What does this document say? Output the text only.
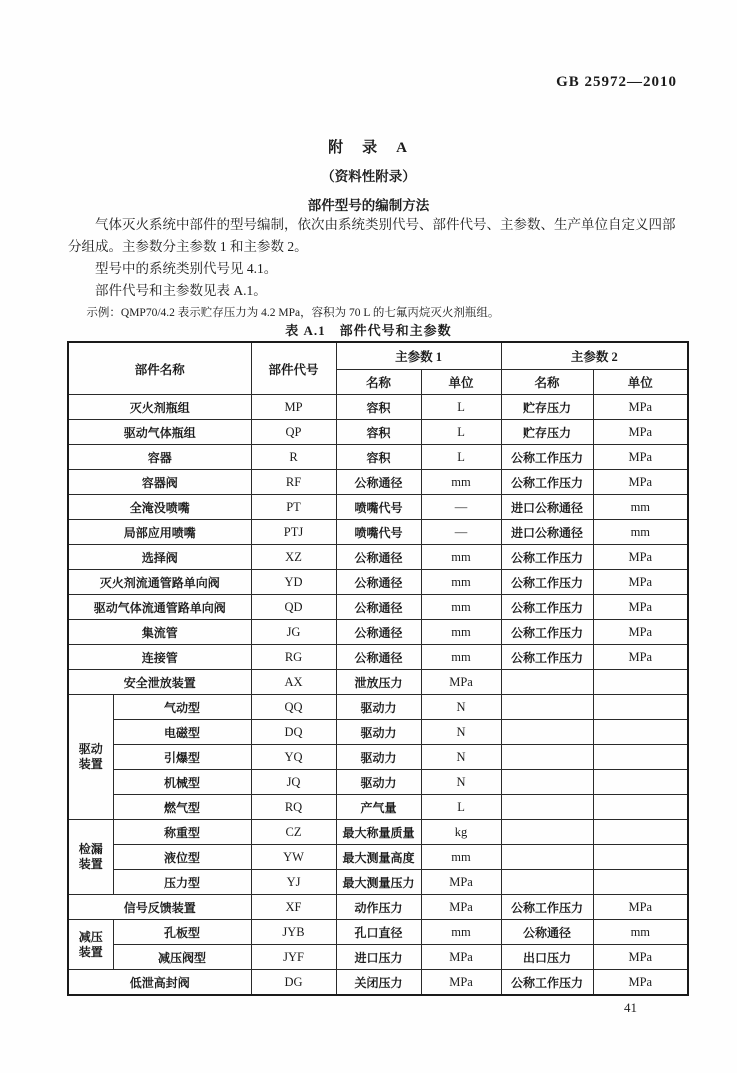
GB 25972—2010

附　录　A

（资料性附录）

部件型号的编制方法

气体灭火系统中部件的型号编制，依次由系统类别代号、部件代号、主参数、生产单位自定义四部分组成。主参数分主参数 1 和主参数 2。

型号中的系统类别代号见 4.1。

部件代号和主参数见表 A.1。

示例：QMP70/4.2 表示贮存压力为 4.2 MPa，容积为 70 L 的七氟丙烷灭火剂瓶组。
表 A.1　部件代号和主参数
部件名称		部件代号	主参数 1		主参数 2	
			名称	单位	名称	单位
灭火剂瓶组		MP	容积	L	贮存压力	MPa
驱动气体瓶组		QP	容积	L	贮存压力	MPa
容器		R	容积	L	公称工作压力	MPa
容器阀		RF	公称通径	mm	公称工作压力	MPa
全淹没喷嘴		PT	喷嘴代号	—	进口公称通径	mm
局部应用喷嘴		PTJ	喷嘴代号	—	进口公称通径	mm
选择阀		XZ	公称通径	mm	公称工作压力	MPa
灭火剂流通管路单向阀		YD	公称通径	mm	公称工作压力	MPa
驱动气体流通管路单向阀		QD	公称通径	mm	公称工作压力	MPa
集流管		JG	公称通径	mm	公称工作压力	MPa
连接管		RG	公称通径	mm	公称工作压力	MPa
安全泄放装置		AX	泄放压力	MPa		
驱动装置	气动型	QQ	驱动力	N		
	电磁型	DQ	驱动力	N		
	引爆型	YQ	驱动力	N		
	机械型	JQ	驱动力	N		
	燃气型	RQ	产气量	L		
检漏装置	称重型	CZ	最大称量质量	kg		
	液位型	YW	最大测量高度	mm		
	压力型	YJ	最大测量压力	MPa		
信号反馈装置		XF	动作压力	MPa	公称工作压力	MPa
减压装置	孔板型	JYB	孔口直径	mm	公称通径	mm
	减压阀型	JYF	进口压力	MPa	出口压力	MPa
低泄高封阀		DG	关闭压力	MPa	公称工作压力	MPa
41
